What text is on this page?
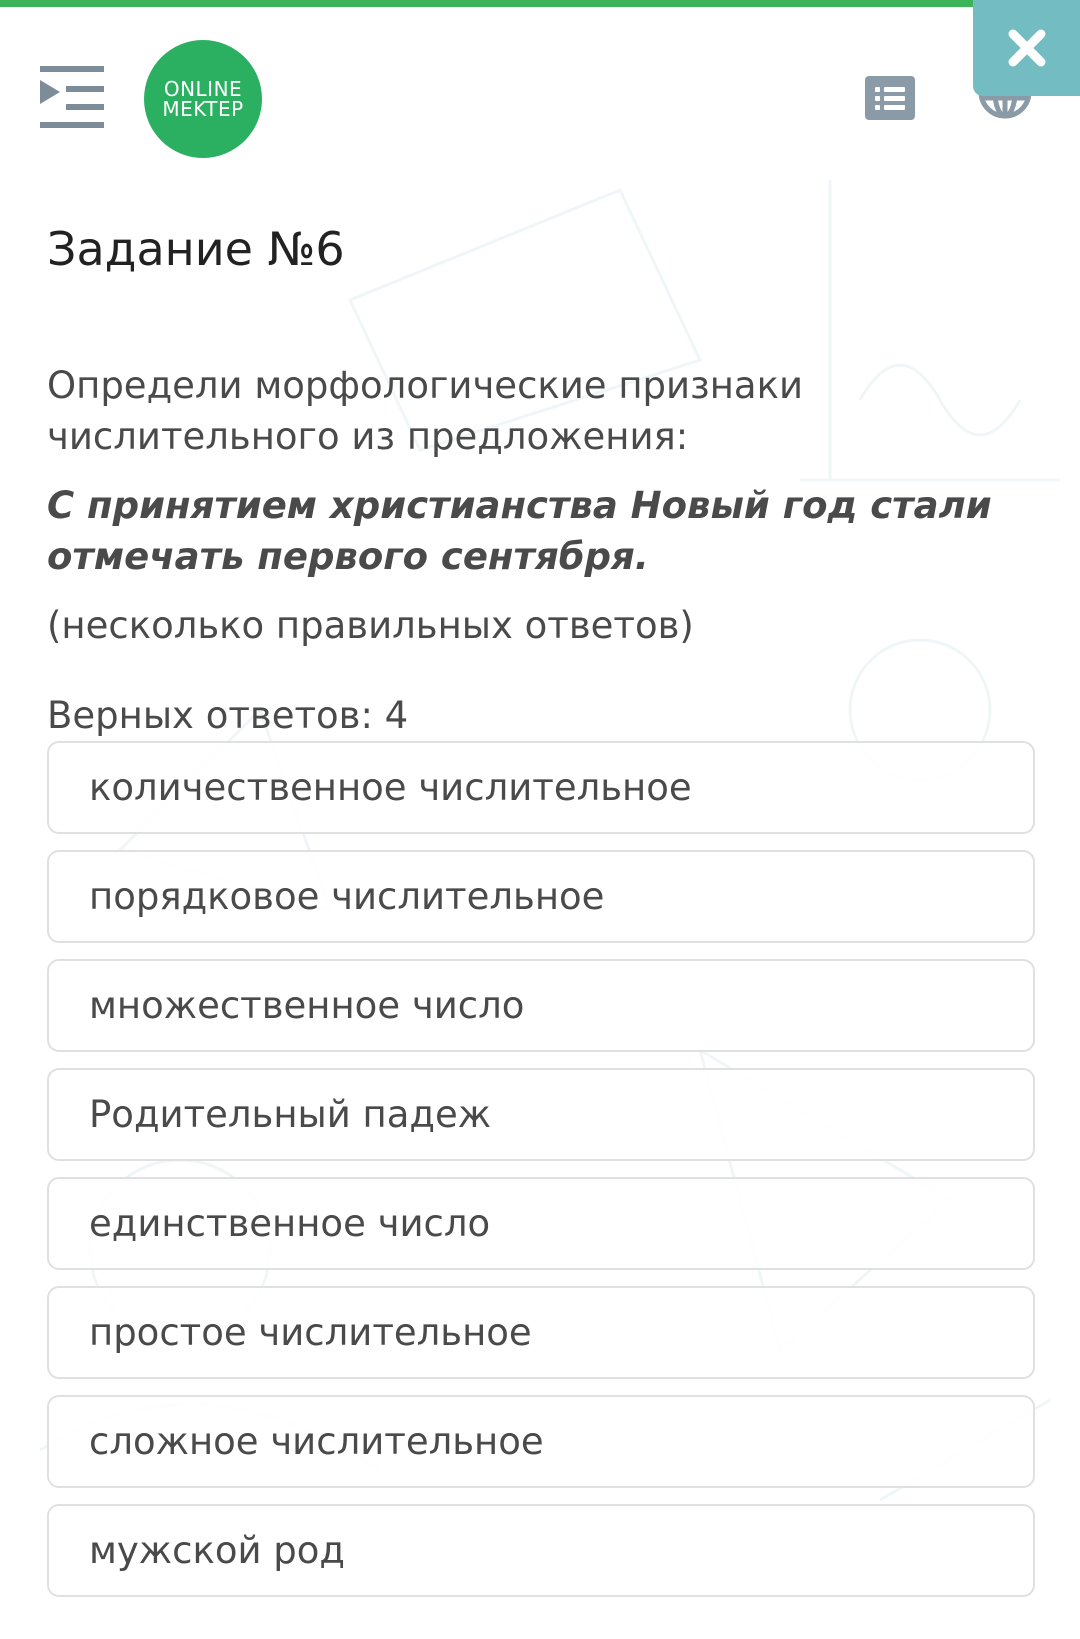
ONLINE
MEKTEP
Задание №6

Определи морфологические признаки числительного из предложения:

С принятием христианства Новый год стали отмечать первого сентября.

(несколько правильных ответов)

Верных ответов: 4

количественное числительное
порядковое числительное
множественное число
Родительный падеж
единственное число
простое числительное
сложное числительное
мужской род
